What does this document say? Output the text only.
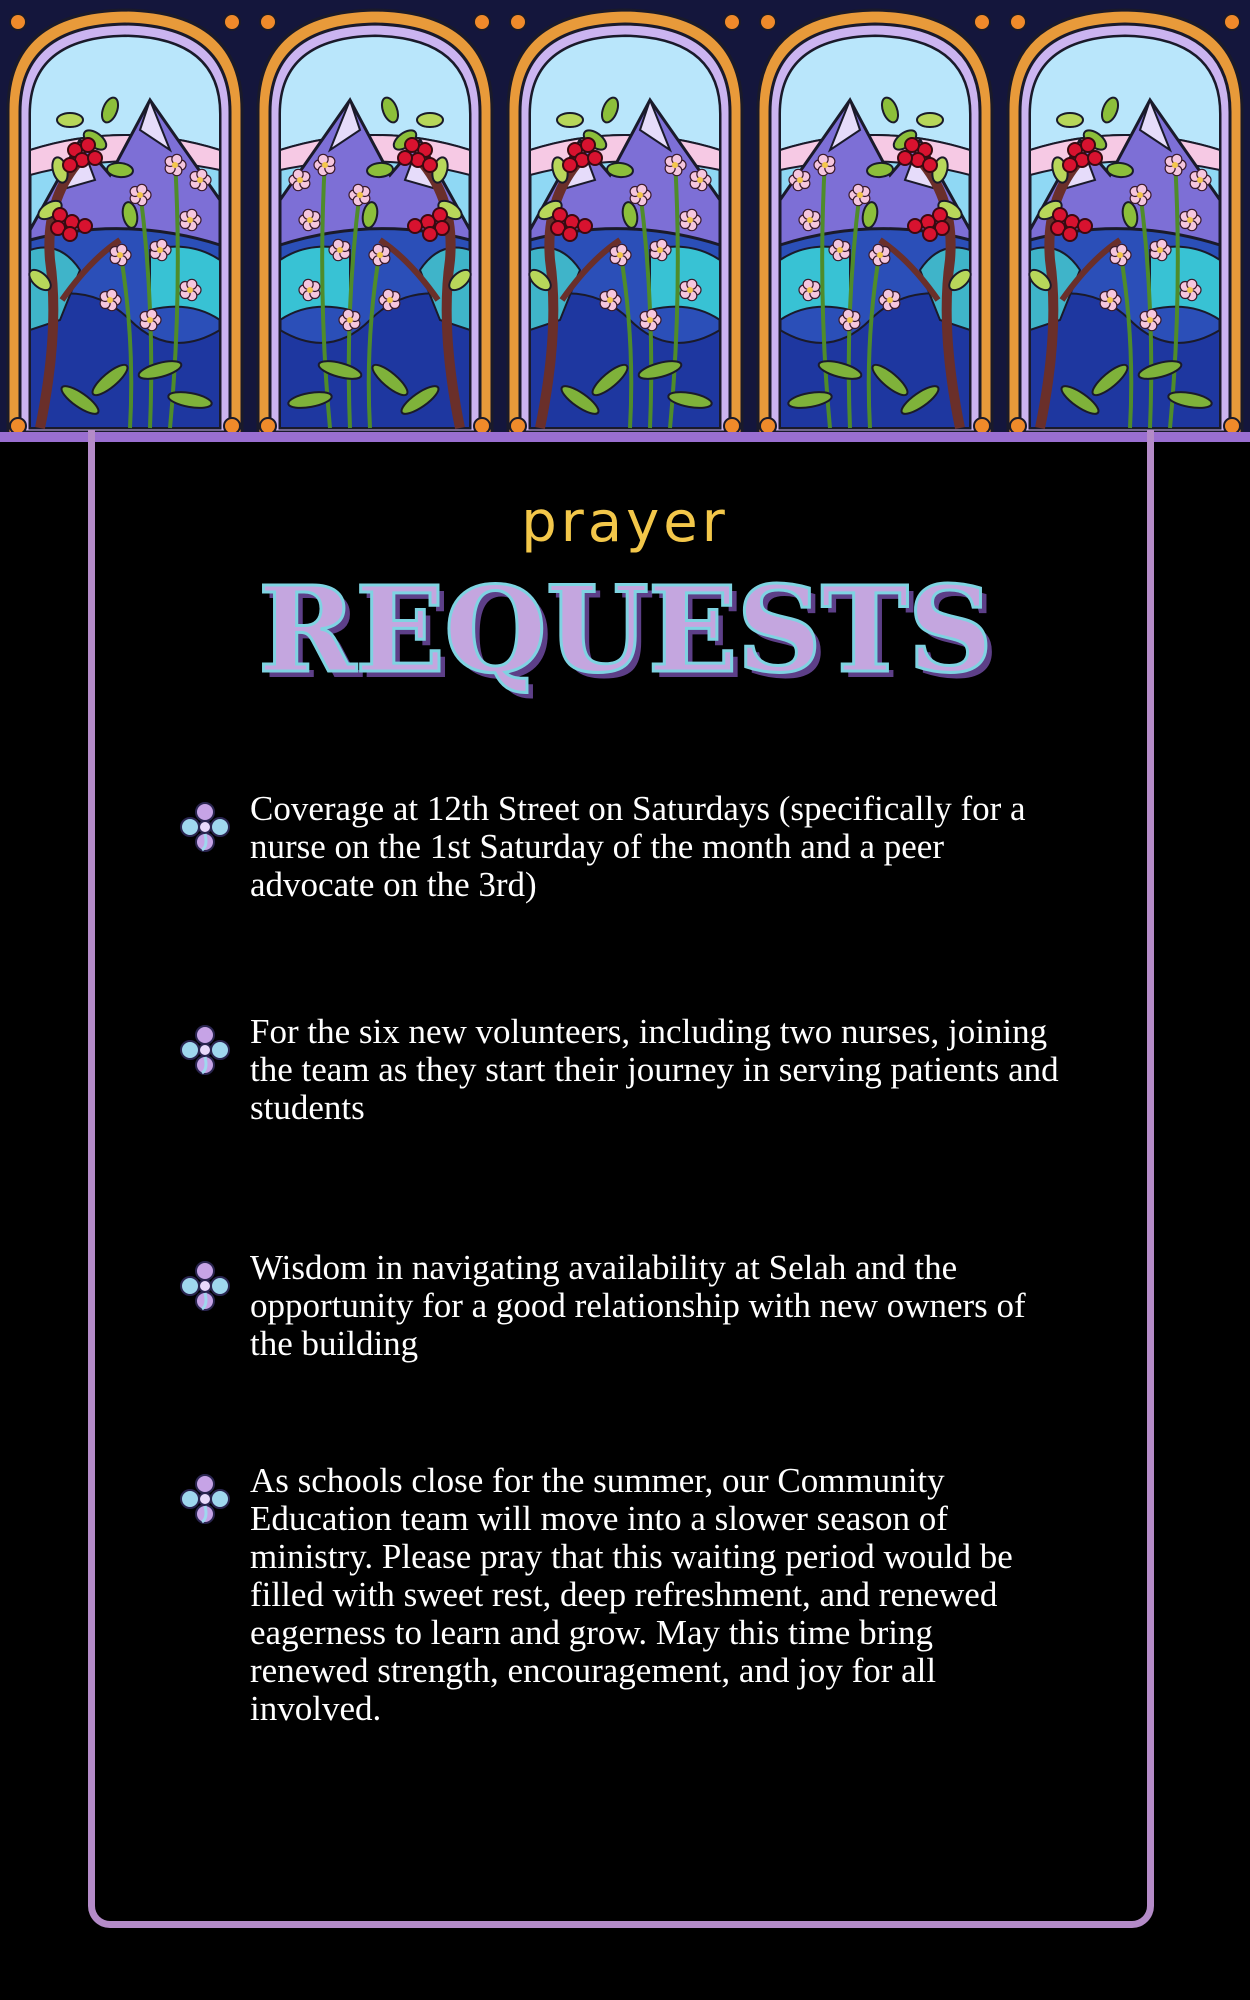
prayer
REQUESTS
Coverage at 12th Street on Saturdays (specifically for a nurse on the 1st Saturday of the month and a peer advocate on the 3rd)
For the six new volunteers, including two nurses, joining the team as they start their journey in serving patients and students
Wisdom in navigating availability at Selah and the opportunity for a good relationship with new owners of the building
As schools close for the summer, our Community Education team will move into a slower season of ministry. Please pray that this waiting period would be filled with sweet rest, deep refreshment, and renewed eagerness to learn and grow. May this time bring renewed strength, encouragement, and joy for all involved.
